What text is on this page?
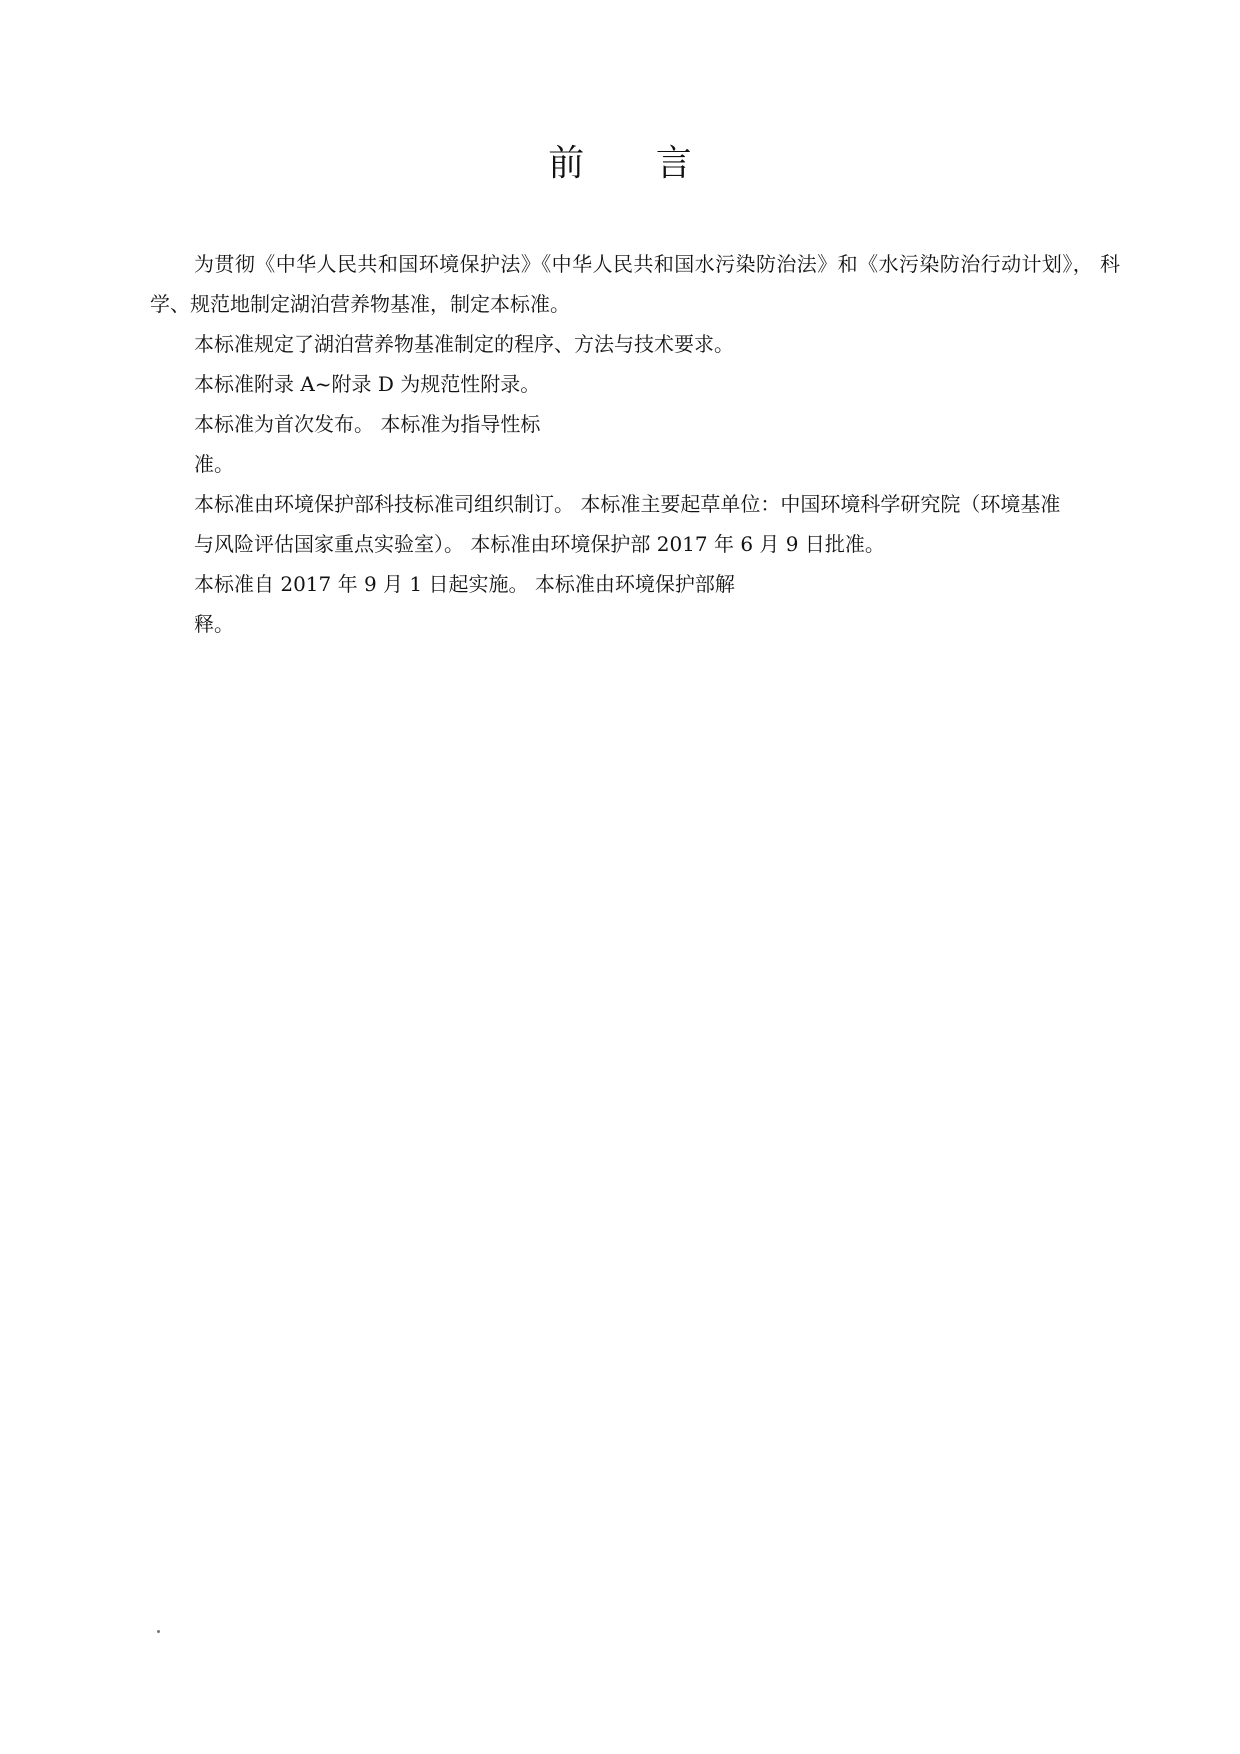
前 言

为贯彻《中华人民共和国环境保护法》《中华人民共和国水污染防治法》和《水污染防治行动计划》， 科学、规范地制定湖泊营养物基准，制定本标准。

本标准规定了湖泊营养物基准制定的程序、方法与技术要求。

本标准附录 A~附录 D 为规范性附录。

本标准为首次发布。 本标准为指导性标

准。

本标准由环境保护部科技标准司组织制订。 本标准主要起草单位：中国环境科学研究院（环境基准

与风险评估国家重点实验室）。 本标准由环境保护部 2017 年 6 月 9 日批准。

本标准自 2017 年 9 月 1 日起实施。 本标准由环境保护部解

释。
